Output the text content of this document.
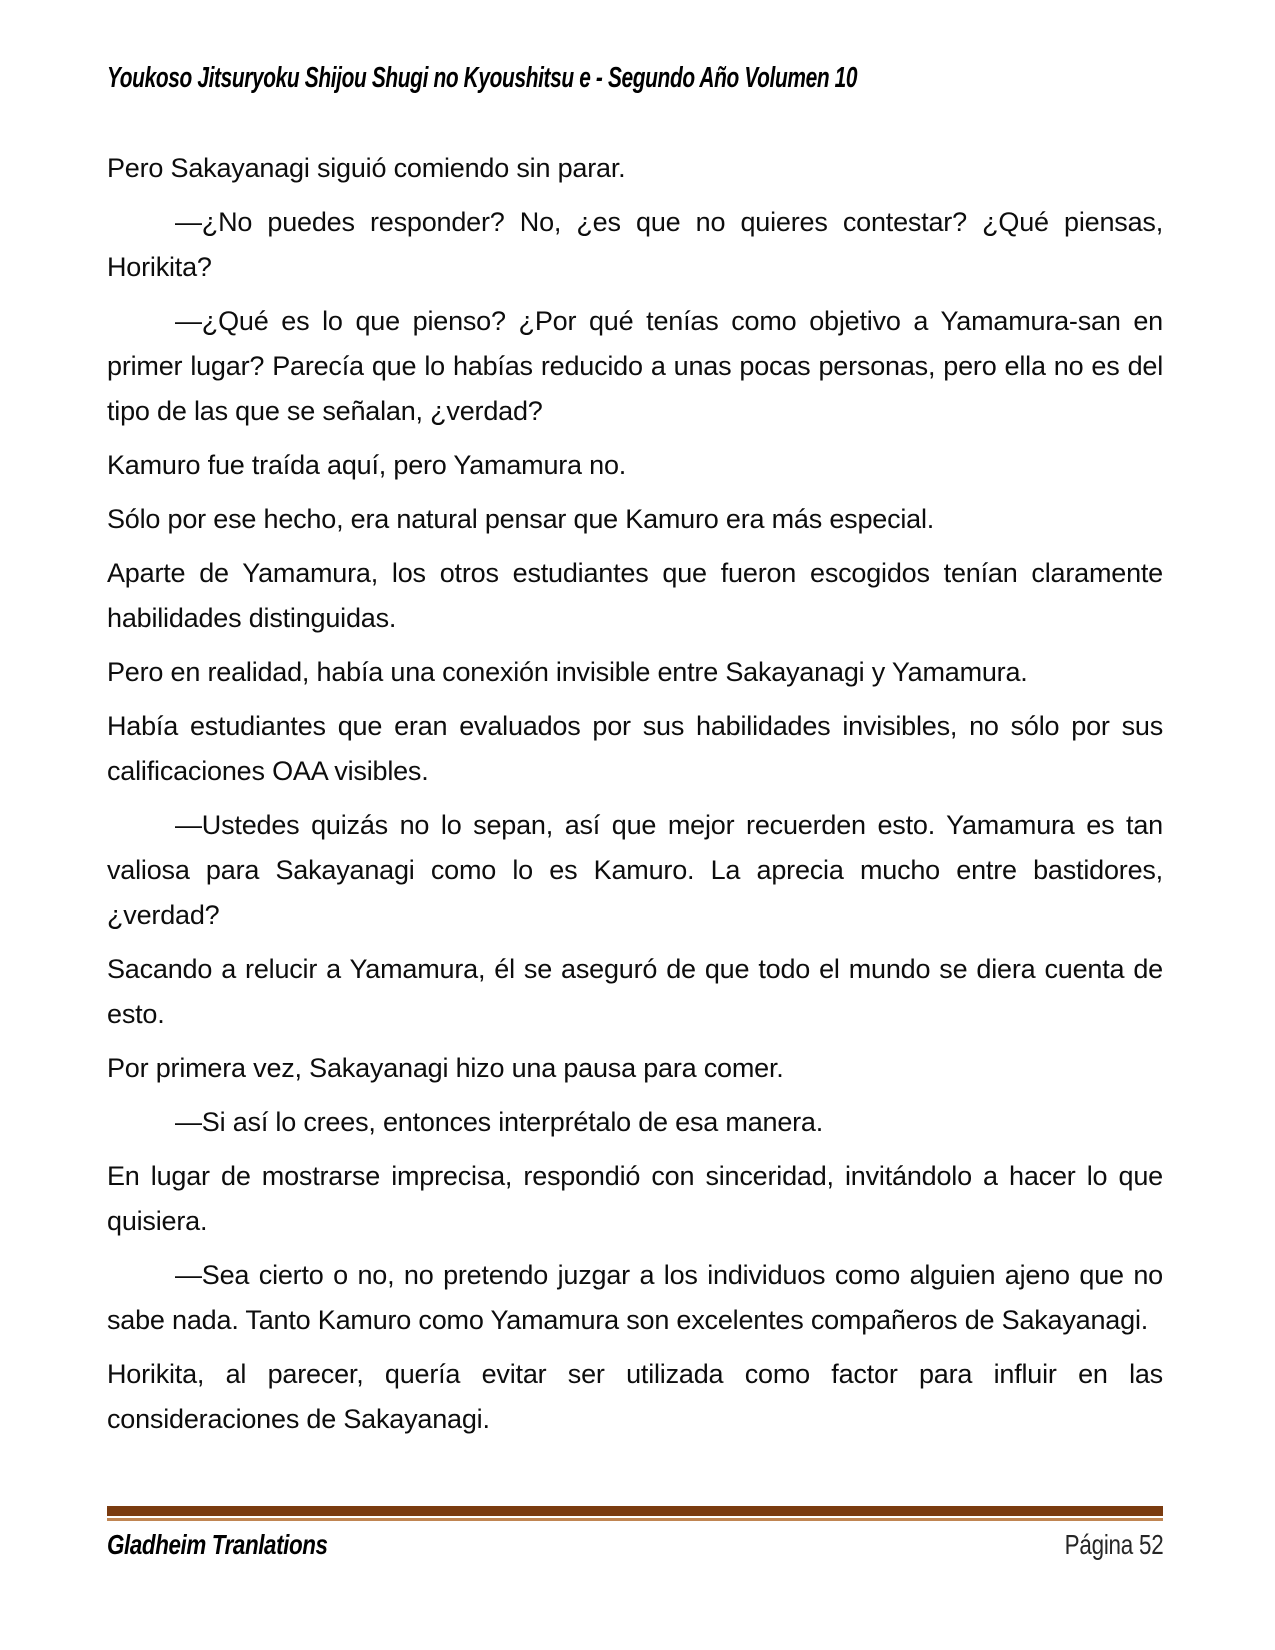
Youkoso Jitsuryoku Shijou Shugi no Kyoushitsu e - Segundo Año Volumen 10

Pero Sakayanagi siguió comiendo sin parar.

—¿No puedes responder? No, ¿es que no quieres contestar? ¿Qué piensas, Horikita?

—¿Qué es lo que pienso? ¿Por qué tenías como objetivo a Yamamura-san en primer lugar? Parecía que lo habías reducido a unas pocas personas, pero ella no es del tipo de las que se señalan, ¿verdad?

Kamuro fue traída aquí, pero Yamamura no.

Sólo por ese hecho, era natural pensar que Kamuro era más especial.

Aparte de Yamamura, los otros estudiantes que fueron escogidos tenían claramente habilidades distinguidas.

Pero en realidad, había una conexión invisible entre Sakayanagi y Yamamura.

Había estudiantes que eran evaluados por sus habilidades invisibles, no sólo por sus calificaciones OAA visibles.

—Ustedes quizás no lo sepan, así que mejor recuerden esto. Yamamura es tan valiosa para Sakayanagi como lo es Kamuro. La aprecia mucho entre bastidores, ¿verdad?

Sacando a relucir a Yamamura, él se aseguró de que todo el mundo se diera cuenta de esto.

Por primera vez, Sakayanagi hizo una pausa para comer.

—Si así lo crees, entonces interprétalo de esa manera.

En lugar de mostrarse imprecisa, respondió con sinceridad, invitándolo a hacer lo que quisiera.

—Sea cierto o no, no pretendo juzgar a los individuos como alguien ajeno que no sabe nada. Tanto Kamuro como Yamamura son excelentes compañeros de Sakayanagi.

Horikita, al parecer, quería evitar ser utilizada como factor para influir en las consideraciones de Sakayanagi.

Gladheim Tranlations	Página 52
